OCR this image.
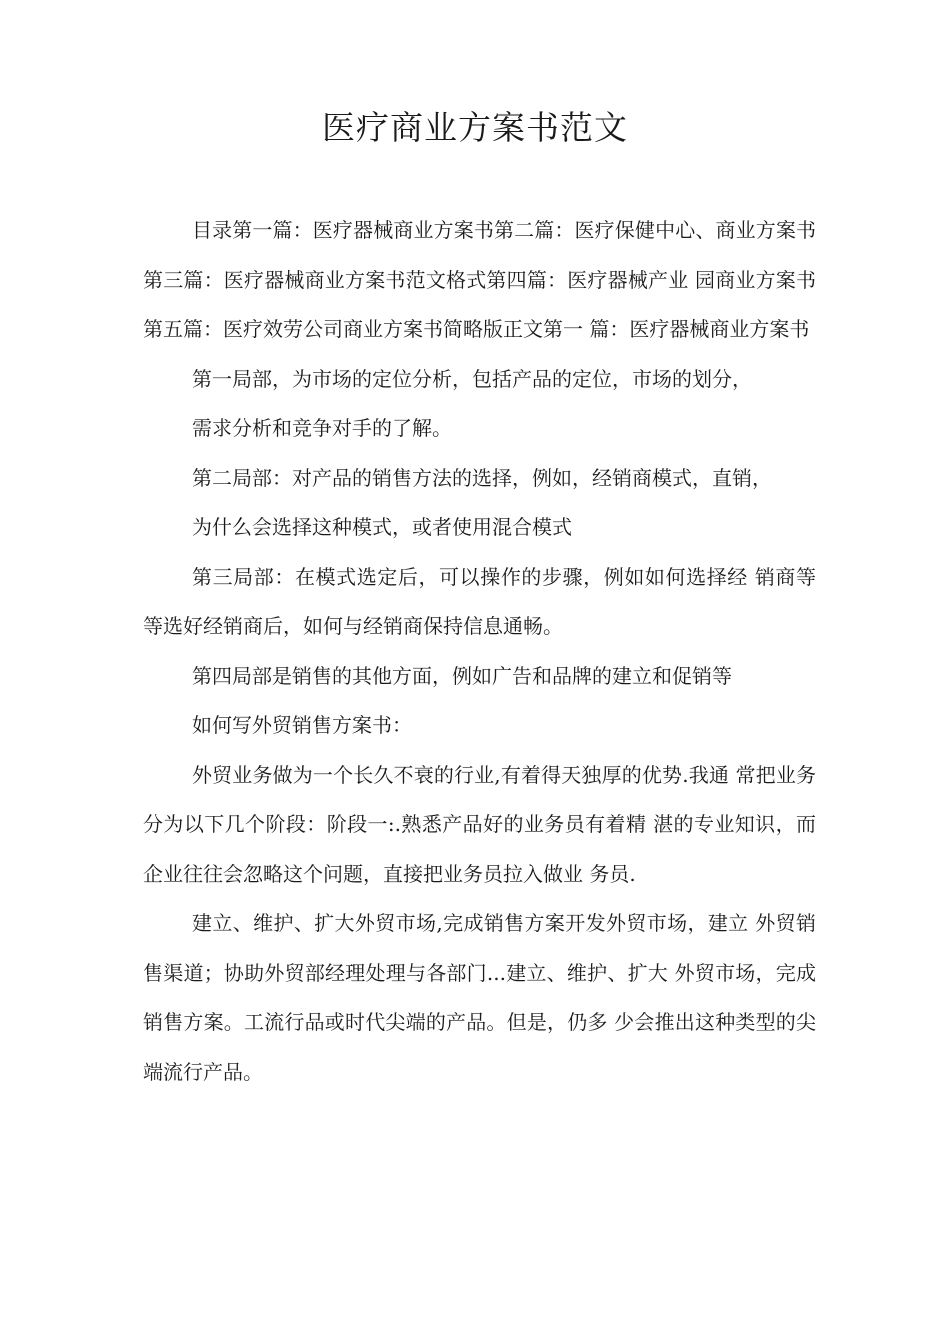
医疗商业方案书范文

目录第一篇：医疗器械商业方案书第二篇：医疗保健中心、商业方案书第三篇：医疗器械商业方案书范文格式第四篇：医疗器械产业 园商业方案书第五篇：医疗效劳公司商业方案书简略版正文第一 篇：医疗器械商业方案书

第一局部，为市场的定位分析，包括产品的定位，市场的划分，

需求分析和竞争对手的了解。

第二局部：对产品的销售方法的选择，例如，经销商模式，直销，

为什么会选择这种模式，或者使用混合模式

第三局部：在模式选定后，可以操作的步骤，例如如何选择经 销商等等选好经销商后，如何与经销商保持信息通畅。

第四局部是销售的其他方面，例如广告和品牌的建立和促销等

如何写外贸销售方案书：

外贸业务做为一个长久不衰的行业,有着得天独厚的优势.我通 常把业务分为以下几个阶段：阶段一:.熟悉产品好的业务员有着精 湛的专业知识，而企业往往会忽略这个问题，直接把业务员拉入做业 务员.

建立、维护、扩大外贸市场,完成销售方案开发外贸市场，建立 外贸销售渠道；协助外贸部经理处理与各部门...建立、维护、扩大 外贸市场，完成销售方案。工流行品或时代尖端的产品。但是，仍多 少会推出这种类型的尖端流行产品。
